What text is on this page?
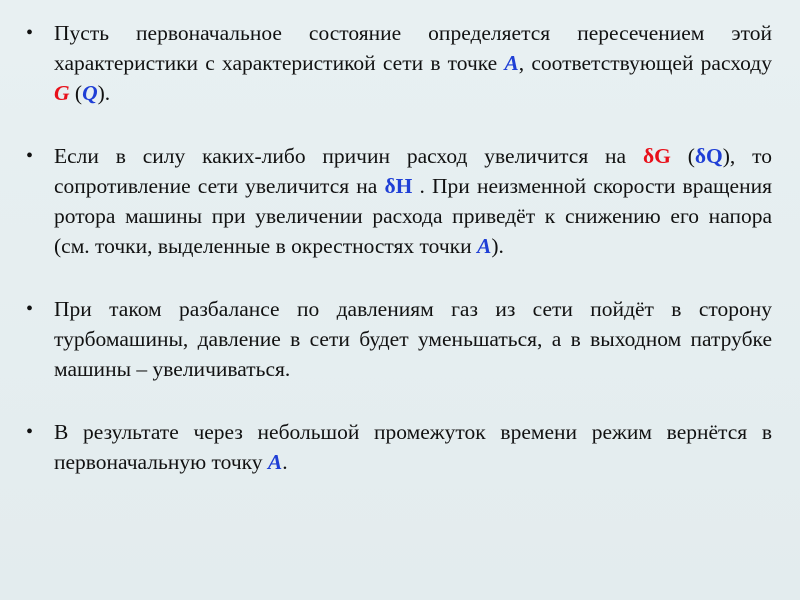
• Пусть первоначальное состояние определяется пересечением этой характеристики с характеристикой сети в точке A, соответствующей расходу G (Q).
• Если в силу каких-либо причин расход увеличится на δG (δQ), то сопротивление сети увеличится на δH . При неизменной скорости вращения ротора машины при увеличении расхода приведёт к снижению его напора (см. точки, выделенные в окрестностях точки A).
• При таком разбалансе по давлениям газ из сети пойдёт в сторону турбомашины, давление в сети будет уменьшаться, а в выходном патрубке машины – увеличиваться.
• В результате через небольшой промежуток времени режим вернётся в первоначальную точку A.
